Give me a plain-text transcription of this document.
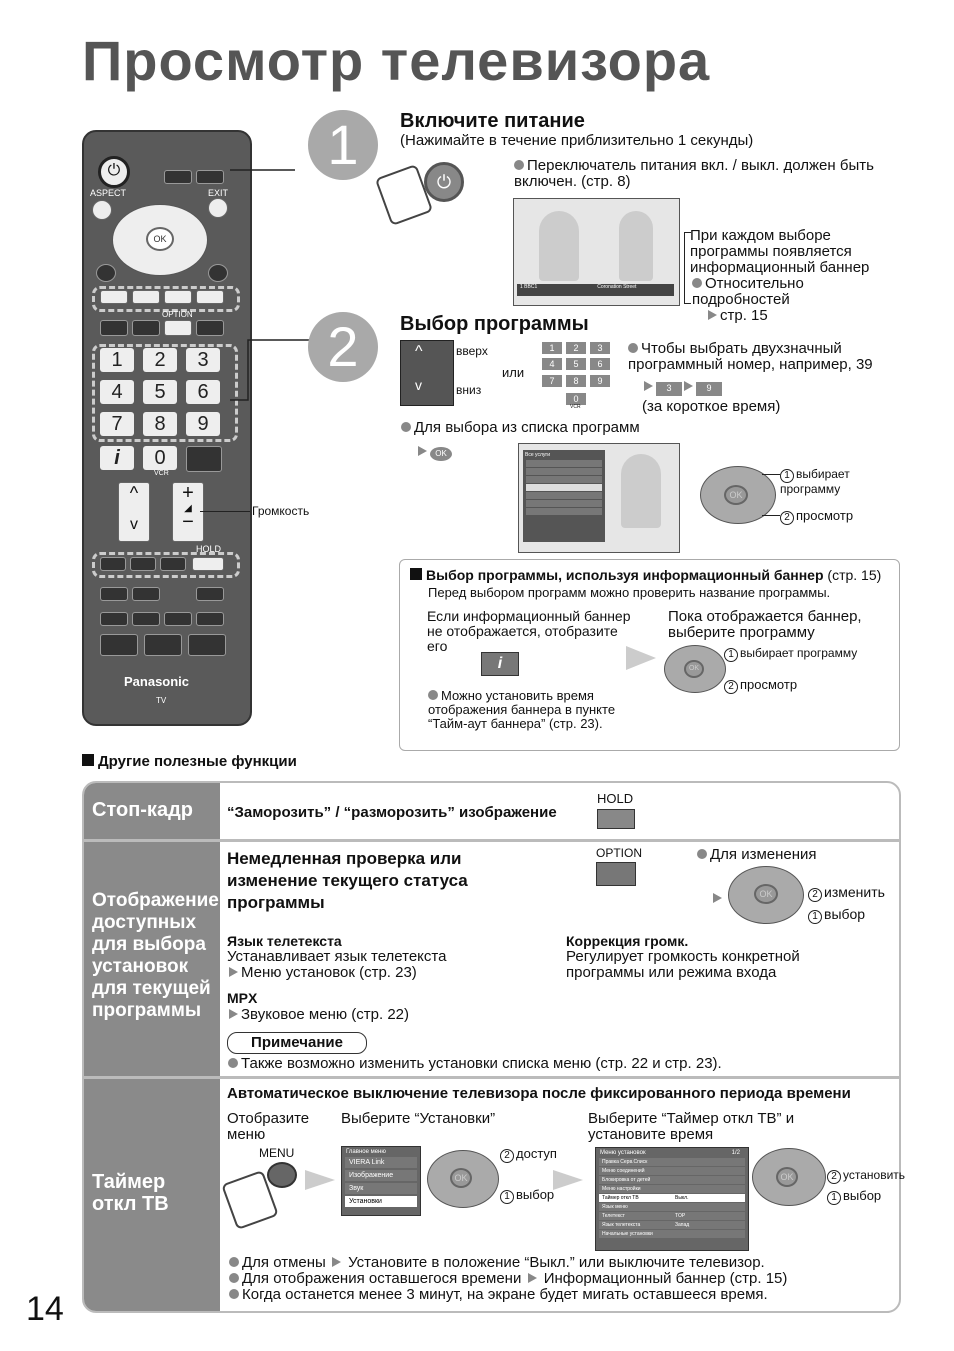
Просмотр телевизора
⏻
ASPECT	EXIT
OK
OPTION
1	2	3
4	5	6
7	8	9
i	0
VCR
^
v
+
◢
−
HOLD
Panasonic
TV
Громкость
1	Включите питание
(Нажимайте в течение приблизительно 1 секунды)
⏻
Переключатель питания вкл. / выкл. должен быть включен. (стр. 8)
1 BBC1	Coronation Street
При каждом выборе программы появляется информационный баннер
Относительно подробностей
стр. 15
2	Выбор программы
^
v
вверх
вниз
или
1	2	3
4	5	6
7	8	9
0
VCR
Чтобы выбрать двухзначный программный номер, например, 39
3	9
(за короткое время)
Для выбора из списка программ
OK	Все услуги
OK
1 выбирает программу
2 просмотр
Выбор программы, используя информационный баннер (стр. 15)
Перед выбором программ можно проверить название программы.
Если информационный баннер не отображается, отобразите его
i
Пока отображается баннер, выберите программу
OK
1 выбирает программу
2 просмотр
Можно установить время отображения баннера в пункте “Тайм-аут баннера” (стр. 23).
Другие полезные функции
Стоп-кадр
Отображение доступных для выбора установок для текущей программы
Таймер откл ТВ
“Заморозить” / “разморозить” изображение
HOLD
Немедленная проверка или изменение текущего статуса программы
OPTION	Для изменения
OK	2 изменить
1 выбор
Язык телетекста
Устанавливает язык телетекста
Меню установок (стр. 23)
Коррекция громк.
Регулирует громкость конкретной программы или режима входа
MPX
Звуковое меню (стр. 22)
Примечание
Также возможно изменить установки списка меню (стр. 22 и стр. 23).
Автоматическое выключение телевизора после фиксированного периода времени
Отобразите меню
Выберите “Установки”	Выберите “Таймер откл ТВ” и установите время
MENU	Главное меню
VIERA Link
Изображение
Звук
Установки
OK
2 доступ
1 выбор
Меню установок	1/2
Правка Серв.Списк
Меню соединений
Блокировка от детей
Меню настройки
Таймер откл ТВ	Выкл.
Язык меню
Телетекст	TOP
Язык телетекста	Запад
Начальные установки
OK	2 установить
1 выбор
Для отмены Установите в положение “Выкл.” или выключите телевизор.
Для отображения оставшегося времени Информационный баннер (стр. 15)
Когда останется менее 3 минут, на экране будет мигать оставшееся время.
14
